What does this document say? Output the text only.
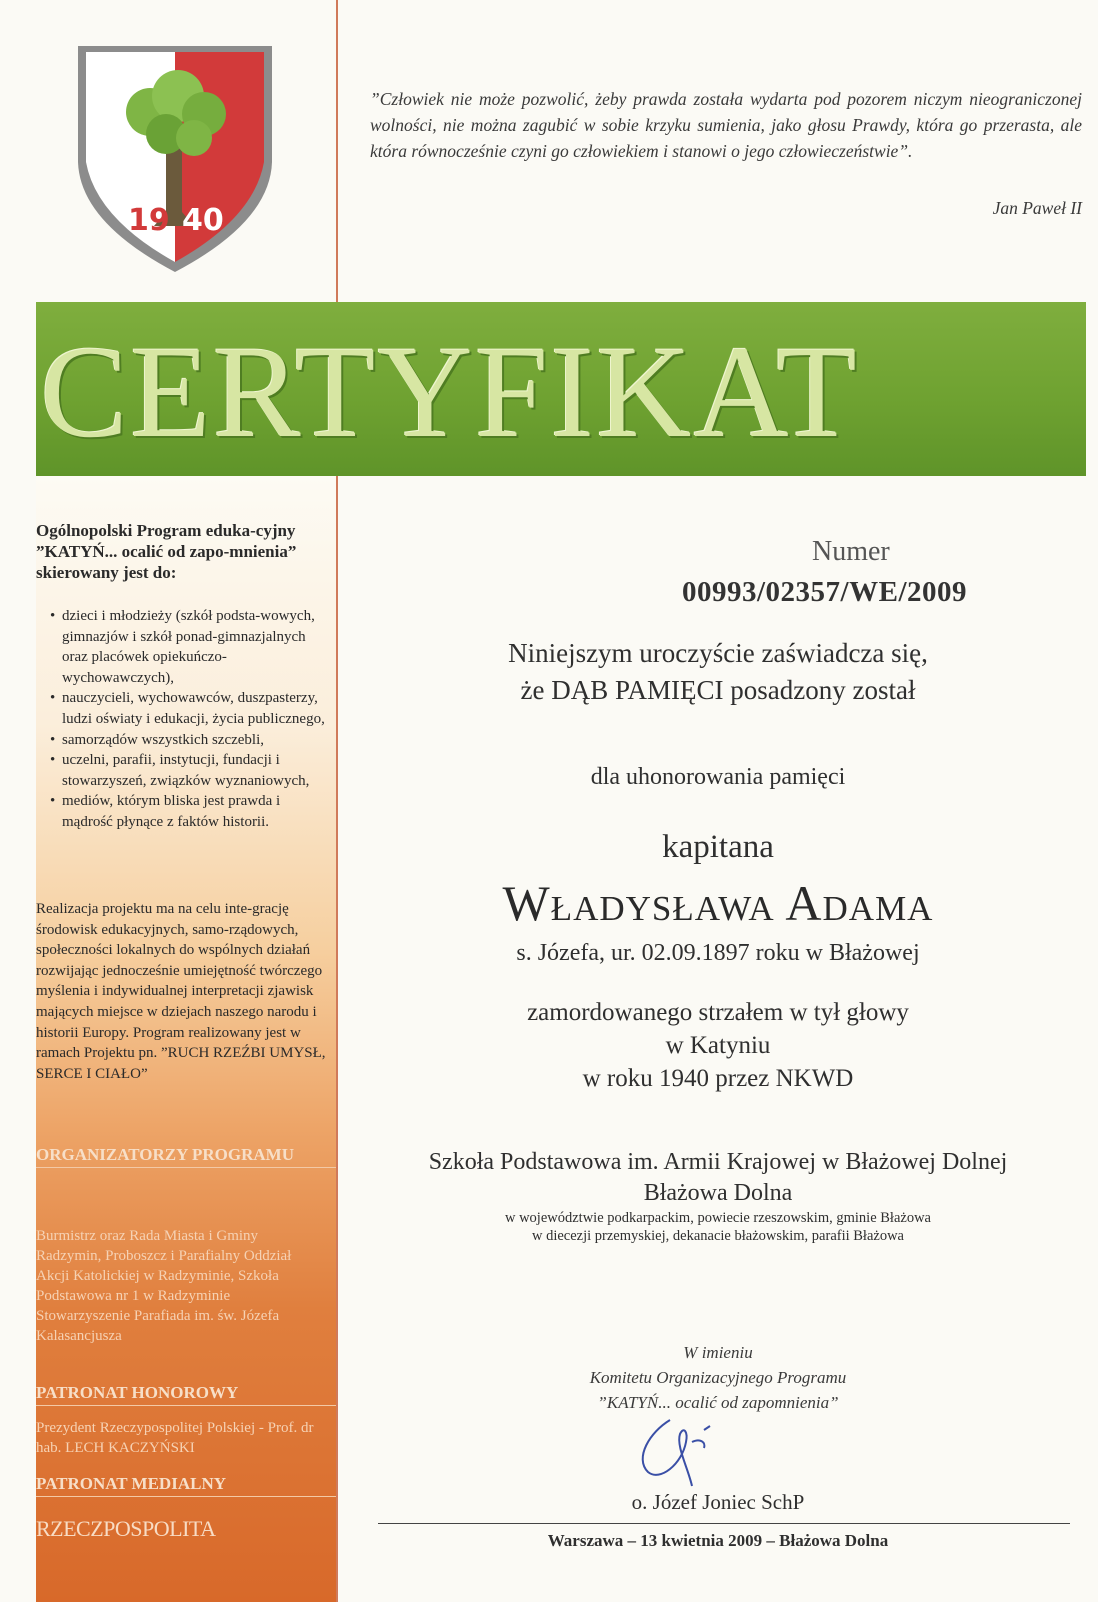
19 40
”Człowiek nie może pozwolić, żeby prawda została wydarta pod pozorem niczym nieograniczonej wolności, nie można zagubić w sobie krzyku sumienia, jako głosu Prawdy, która go przerasta, ale która równocześnie czyni go człowiekiem i stanowi o jego człowieczeństwie”.
Jan Paweł II
CERTYFIKAT
Ogólnopolski Program eduka-cyjny ”KATYŃ... ocalić od zapo-mnienia” skierowany jest do:
• dzieci i młodzieży (szkół podsta-wowych, gimnazjów i szkół ponad-gimnazjalnych oraz placówek opiekuńczo-wychowawczych),
• nauczycieli, wychowawców, duszpasterzy, ludzi oświaty i edukacji, życia publicznego,
• samorządów wszystkich szczebli,
• uczelni, parafii, instytucji, fundacji i stowarzyszeń, związków wyznaniowych,
• mediów, którym bliska jest prawda i mądrość płynące z faktów historii.
Realizacja projektu ma na celu inte-grację środowisk edukacyjnych, samo-rządowych, społeczności lokalnych do wspólnych działań rozwijając jednocześnie umiejętność twórczego myślenia i indywidualnej interpretacji zjawisk mających miejsce w dziejach naszego narodu i historii Europy. Program realizowany jest w ramach Projektu pn. ”RUCH RZEŹBI UMYSŁ, SERCE I CIAŁO”
ORGANIZATORZY PROGRAMU
Burmistrz oraz Rada Miasta i Gminy Radzymin, Proboszcz i Parafialny Oddział Akcji Katolickiej w Radzyminie, Szkoła Podstawowa nr 1 w Radzyminie Stowarzyszenie Parafiada im. św. Józefa Kalasancjusza
PATRONAT HONOROWY
Prezydent Rzeczypospolitej Polskiej - Prof. dr hab. LECH KACZYŃSKI
PATRONAT MEDIALNY
RZECZPOSPOLITA
Numer
00993/02357/WE/2009
Niniejszym uroczyście zaświadcza się,
że DĄB PAMIĘCI posadzony został
dla uhonorowania pamięci
kapitana
Władysława Adama
s. Józefa, ur. 02.09.1897 roku w Błażowej
zamordowanego strzałem w tył głowy
w Katyniu
w roku 1940 przez NKWD
Szkoła Podstawowa im. Armii Krajowej w Błażowej Dolnej
Błażowa Dolna
w województwie podkarpackim, powiecie rzeszowskim, gminie Błażowa
w diecezji przemyskiej, dekanacie błażowskim, parafii Błażowa
W imieniu
Komitetu Organizacyjnego Programu
”KATYŃ... ocalić od zapomnienia”
o. Józef Joniec SchP
Warszawa – 13 kwietnia 2009 – Błażowa Dolna
